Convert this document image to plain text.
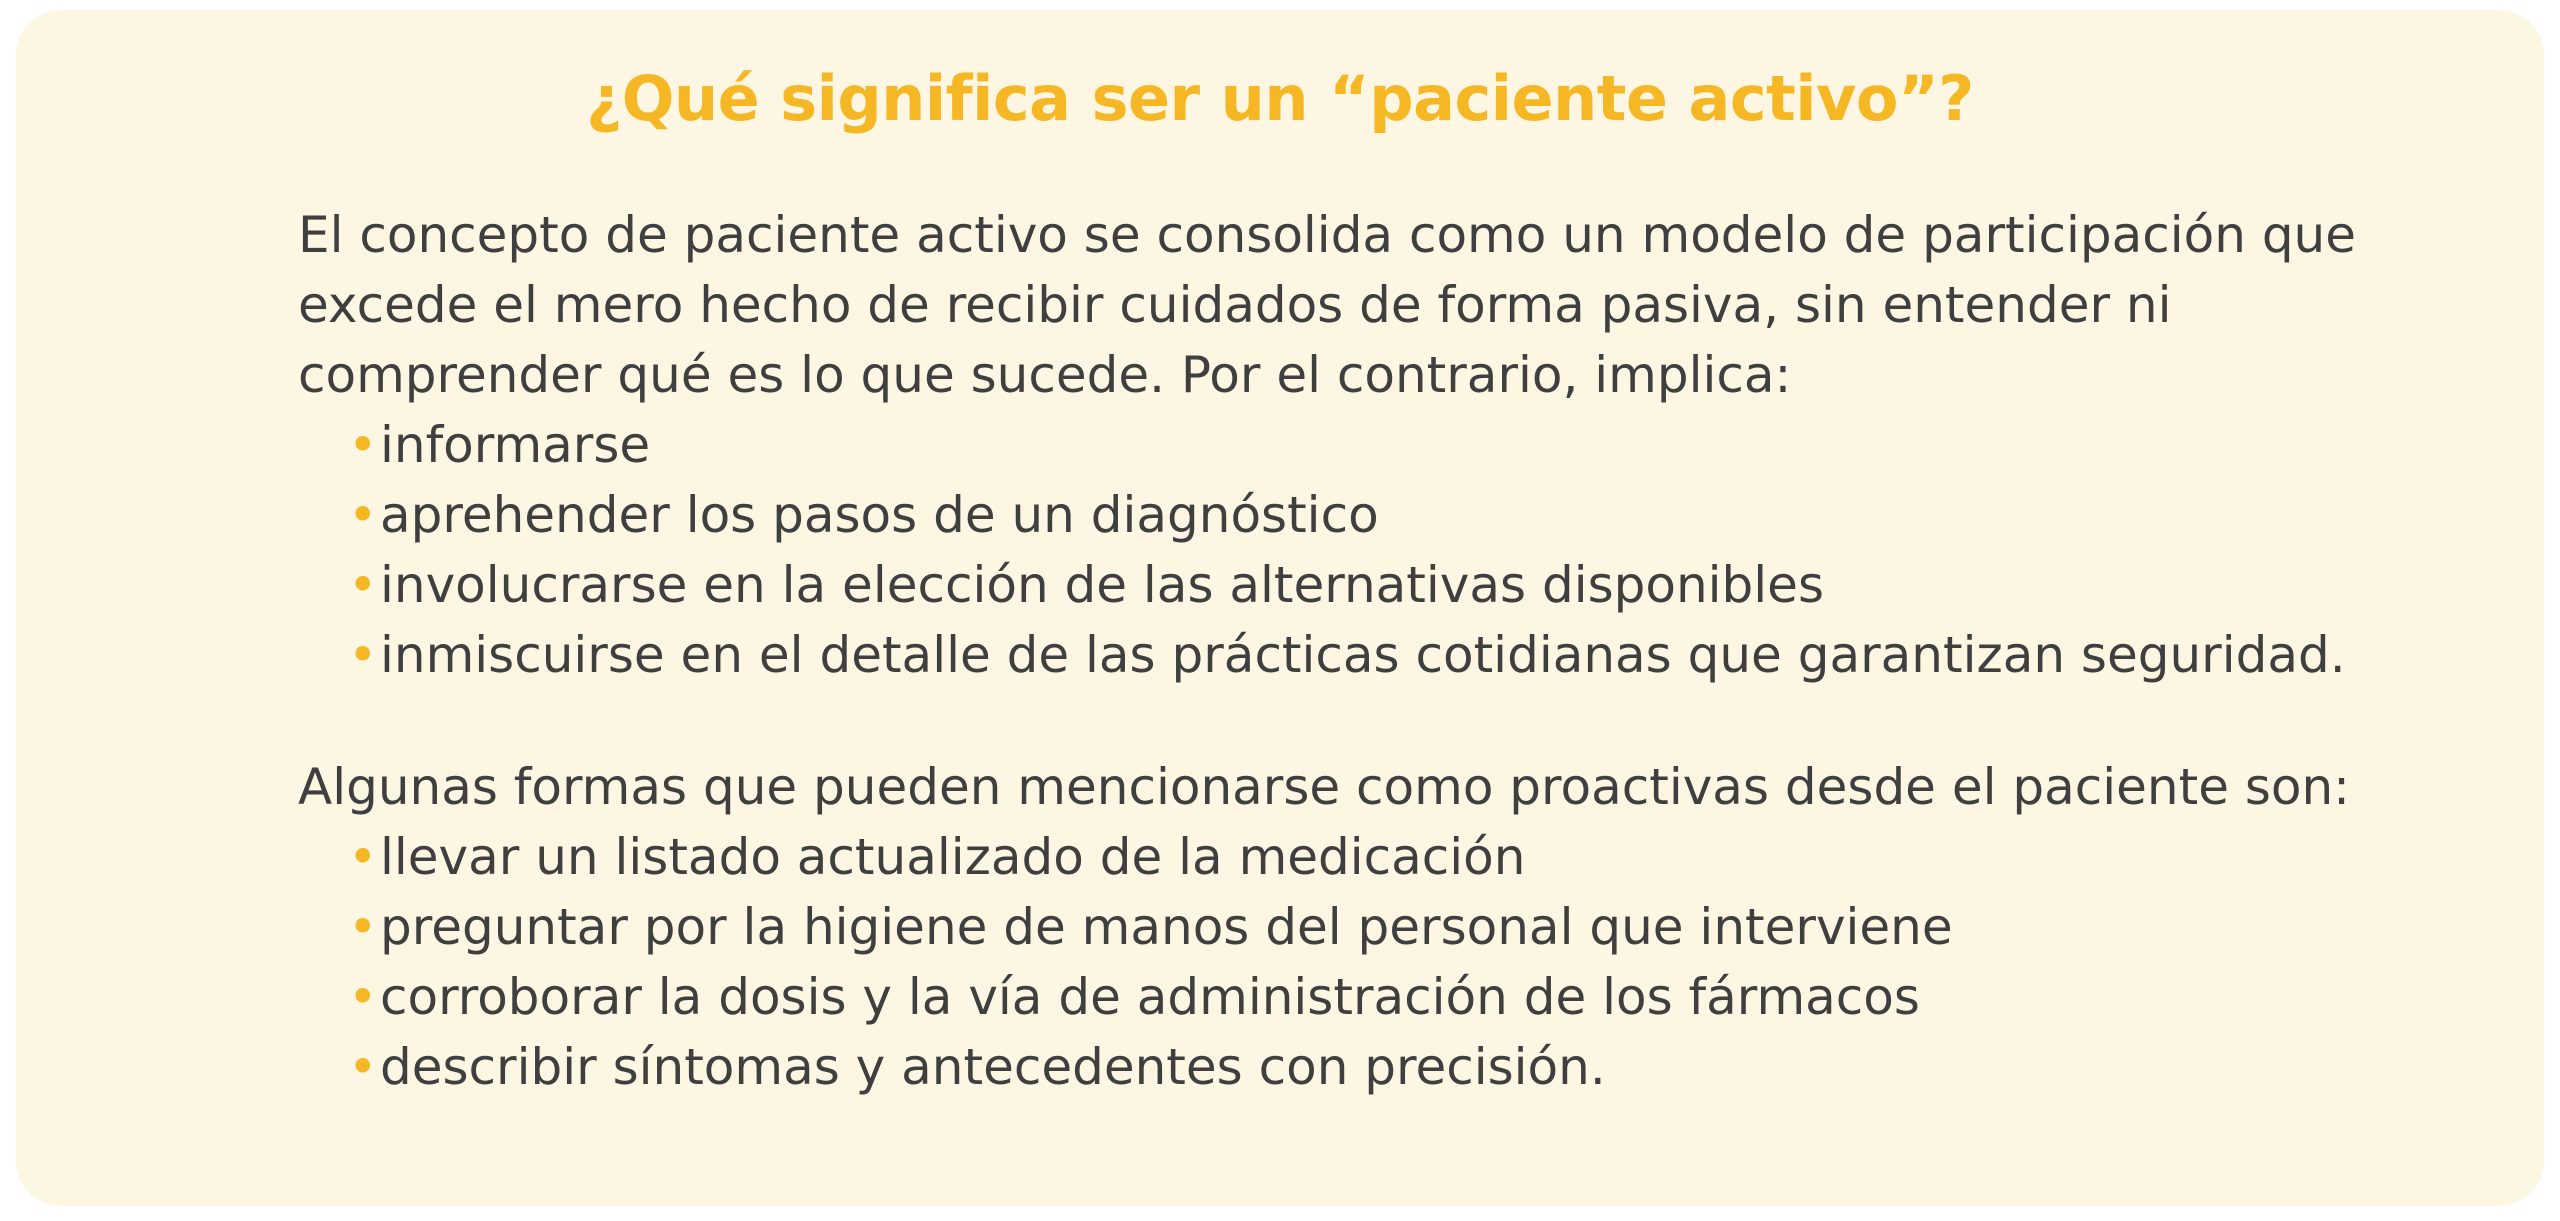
¿Qué significa ser un “paciente activo”?

El concepto de paciente activo se consolida como un modelo de participación que excede el mero hecho de recibir cuidados de forma pasiva, sin entender ni comprender qué es lo que sucede. Por el contrario, implica:

• informarse
• aprehender los pasos de un diagnóstico
• involucrarse en la elección de las alternativas disponibles
• inmiscuirse en el detalle de las prácticas cotidianas que garantizan seguridad.

Algunas formas que pueden mencionarse como proactivas desde el paciente son:

• llevar un listado actualizado de la medicación
• preguntar por la higiene de manos del personal que interviene
• corroborar la dosis y la vía de administración de los fármacos
• describir síntomas y antecedentes con precisión.
